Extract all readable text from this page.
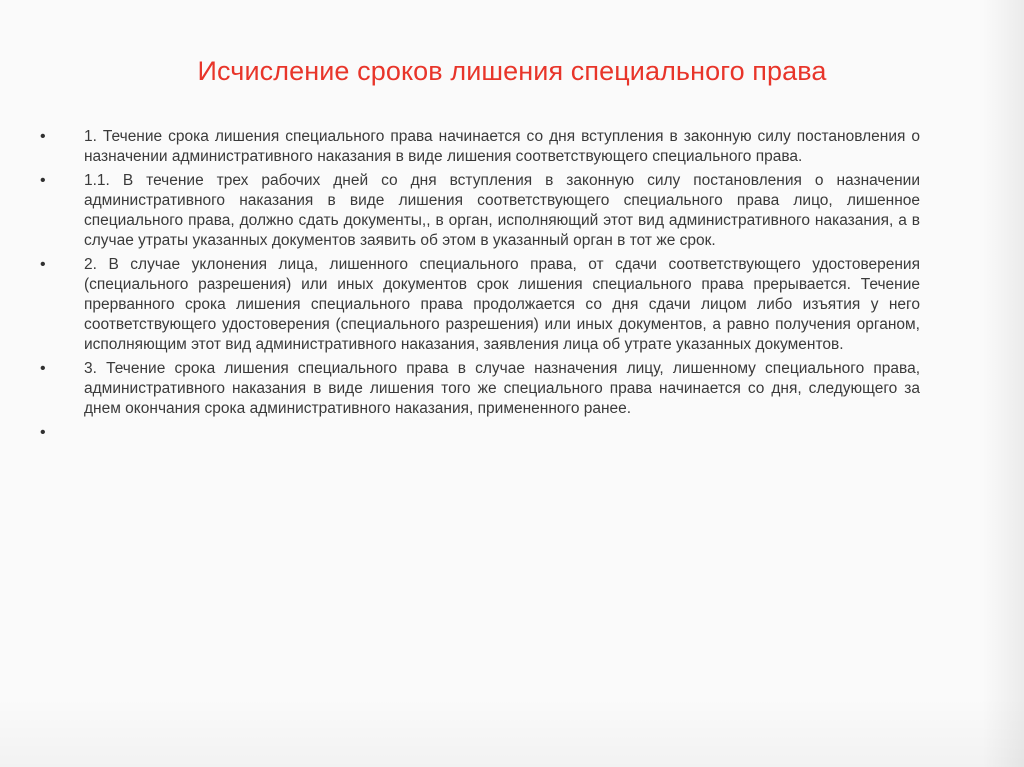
Исчисление сроков лишения специального права
•	1. Течение срока лишения специального права начинается со дня вступления в законную силу постановления о назначении административного наказания в виде лишения соответствующего специального права.
•	1.1. В течение трех рабочих дней со дня вступления в законную силу постановления о назначении административного наказания в виде лишения соответствующего специального права лицо, лишенное специального права, должно сдать документы,, в орган, исполняющий этот вид административного наказания, а в случае утраты указанных документов заявить об этом в указанный орган в тот же срок.
•	2. В случае уклонения лица, лишенного специального права, от сдачи соответствующего удостоверения (специального разрешения) или иных документов срок лишения специального права прерывается. Течение прерванного срока лишения специального права продолжается со дня сдачи лицом либо изъятия у него соответствующего удостоверения (специального разрешения) или иных документов, а равно получения органом, исполняющим этот вид административного наказания, заявления лица об утрате указанных документов.
•	3. Течение срока лишения специального права в случае назначения лицу, лишенному специального права, административного наказания в виде лишения того же специального права начинается со дня, следующего за днем окончания срока административного наказания, примененного ранее.
•
